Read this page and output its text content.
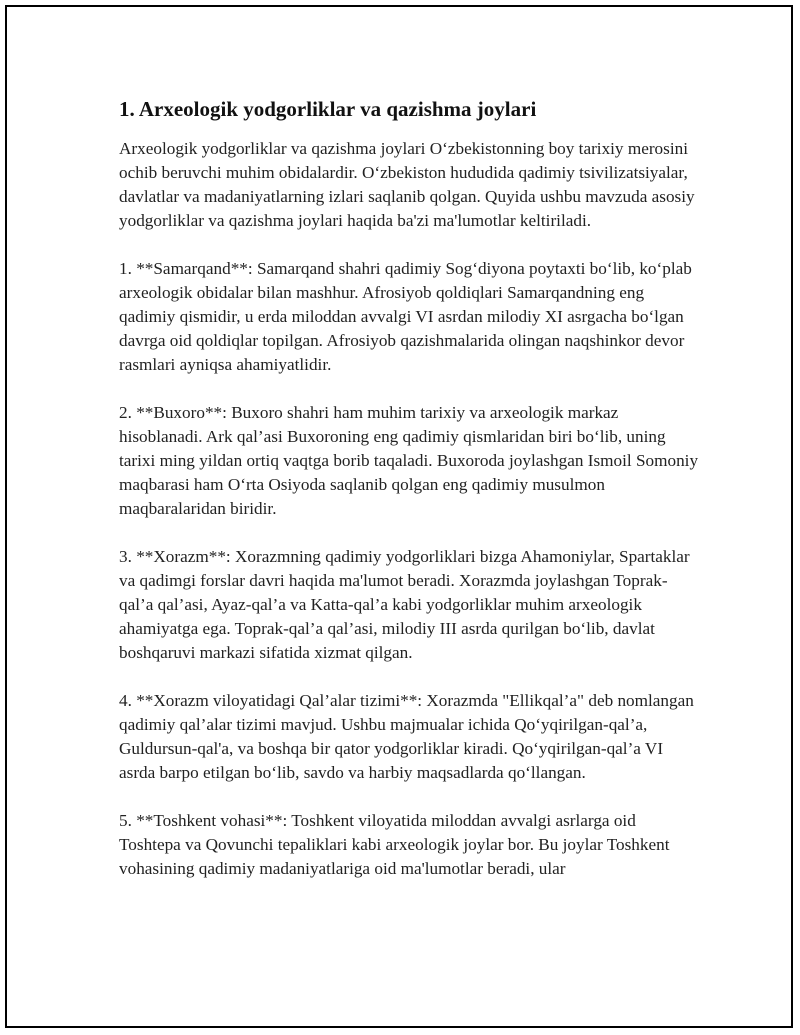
1. Arxeologik yodgorliklar va qazishma joylari

Arxeologik yodgorliklar va qazishma joylari O‘zbekistonning boy tarixiy merosini ochib beruvchi muhim obidalardir. O‘zbekiston hududida qadimiy tsivilizatsiyalar, davlatlar va madaniyatlarning izlari saqlanib qolgan. Quyida ushbu mavzuda asosiy yodgorliklar va qazishma joylari haqida ba'zi ma'lumotlar keltiriladi.

1. **Samarqand**: Samarqand shahri qadimiy Sog‘diyona poytaxti bo‘lib, ko‘plab arxeologik obidalar bilan mashhur. Afrosiyob qoldiqlari Samarqandning eng qadimiy qismidir, u erda miloddan avvalgi VI asrdan milodiy XI asrgacha bo‘lgan davrga oid qoldiqlar topilgan. Afrosiyob qazishmalarida olingan naqshinkor devor rasmlari ayniqsa ahamiyatlidir.

2. **Buxoro**: Buxoro shahri ham muhim tarixiy va arxeologik markaz hisoblanadi. Ark qal’asi Buxoroning eng qadimiy qismlaridan biri bo‘lib, uning tarixi ming yildan ortiq vaqtga borib taqaladi. Buxoroda joylashgan Ismoil Somoniy maqbarasi ham O‘rta Osiyoda saqlanib qolgan eng qadimiy musulmon maqbaralaridan biridir.

3. **Xorazm**: Xorazmning qadimiy yodgorliklari bizga Ahamoniylar, Spartaklar va qadimgi forslar davri haqida ma'lumot beradi. Xorazmda joylashgan Toprak-qal’a qal’asi, Ayaz-qal’a va Katta-qal’a kabi yodgorliklar muhim arxeologik ahamiyatga ega. Toprak-qal’a qal’asi, milodiy III asrda qurilgan bo‘lib, davlat boshqaruvi markazi sifatida xizmat qilgan.

4. **Xorazm viloyatidagi Qal’alar tizimi**: Xorazmda "Ellikqal’a" deb nomlangan qadimiy qal’alar tizimi mavjud. Ushbu majmualar ichida Qo‘yqirilgan-qal’a, Guldursun-qal'a, va boshqa bir qator yodgorliklar kiradi. Qo‘yqirilgan-qal’a VI asrda barpo etilgan bo‘lib, savdo va harbiy maqsadlarda qo‘llangan.

5. **Toshkent vohasi**: Toshkent viloyatida miloddan avvalgi asrlarga oid Toshtepa va Qovunchi tepaliklari kabi arxeologik joylar bor. Bu joylar Toshkent vohasining qadimiy madaniyatlariga oid ma'lumotlar beradi, ular
